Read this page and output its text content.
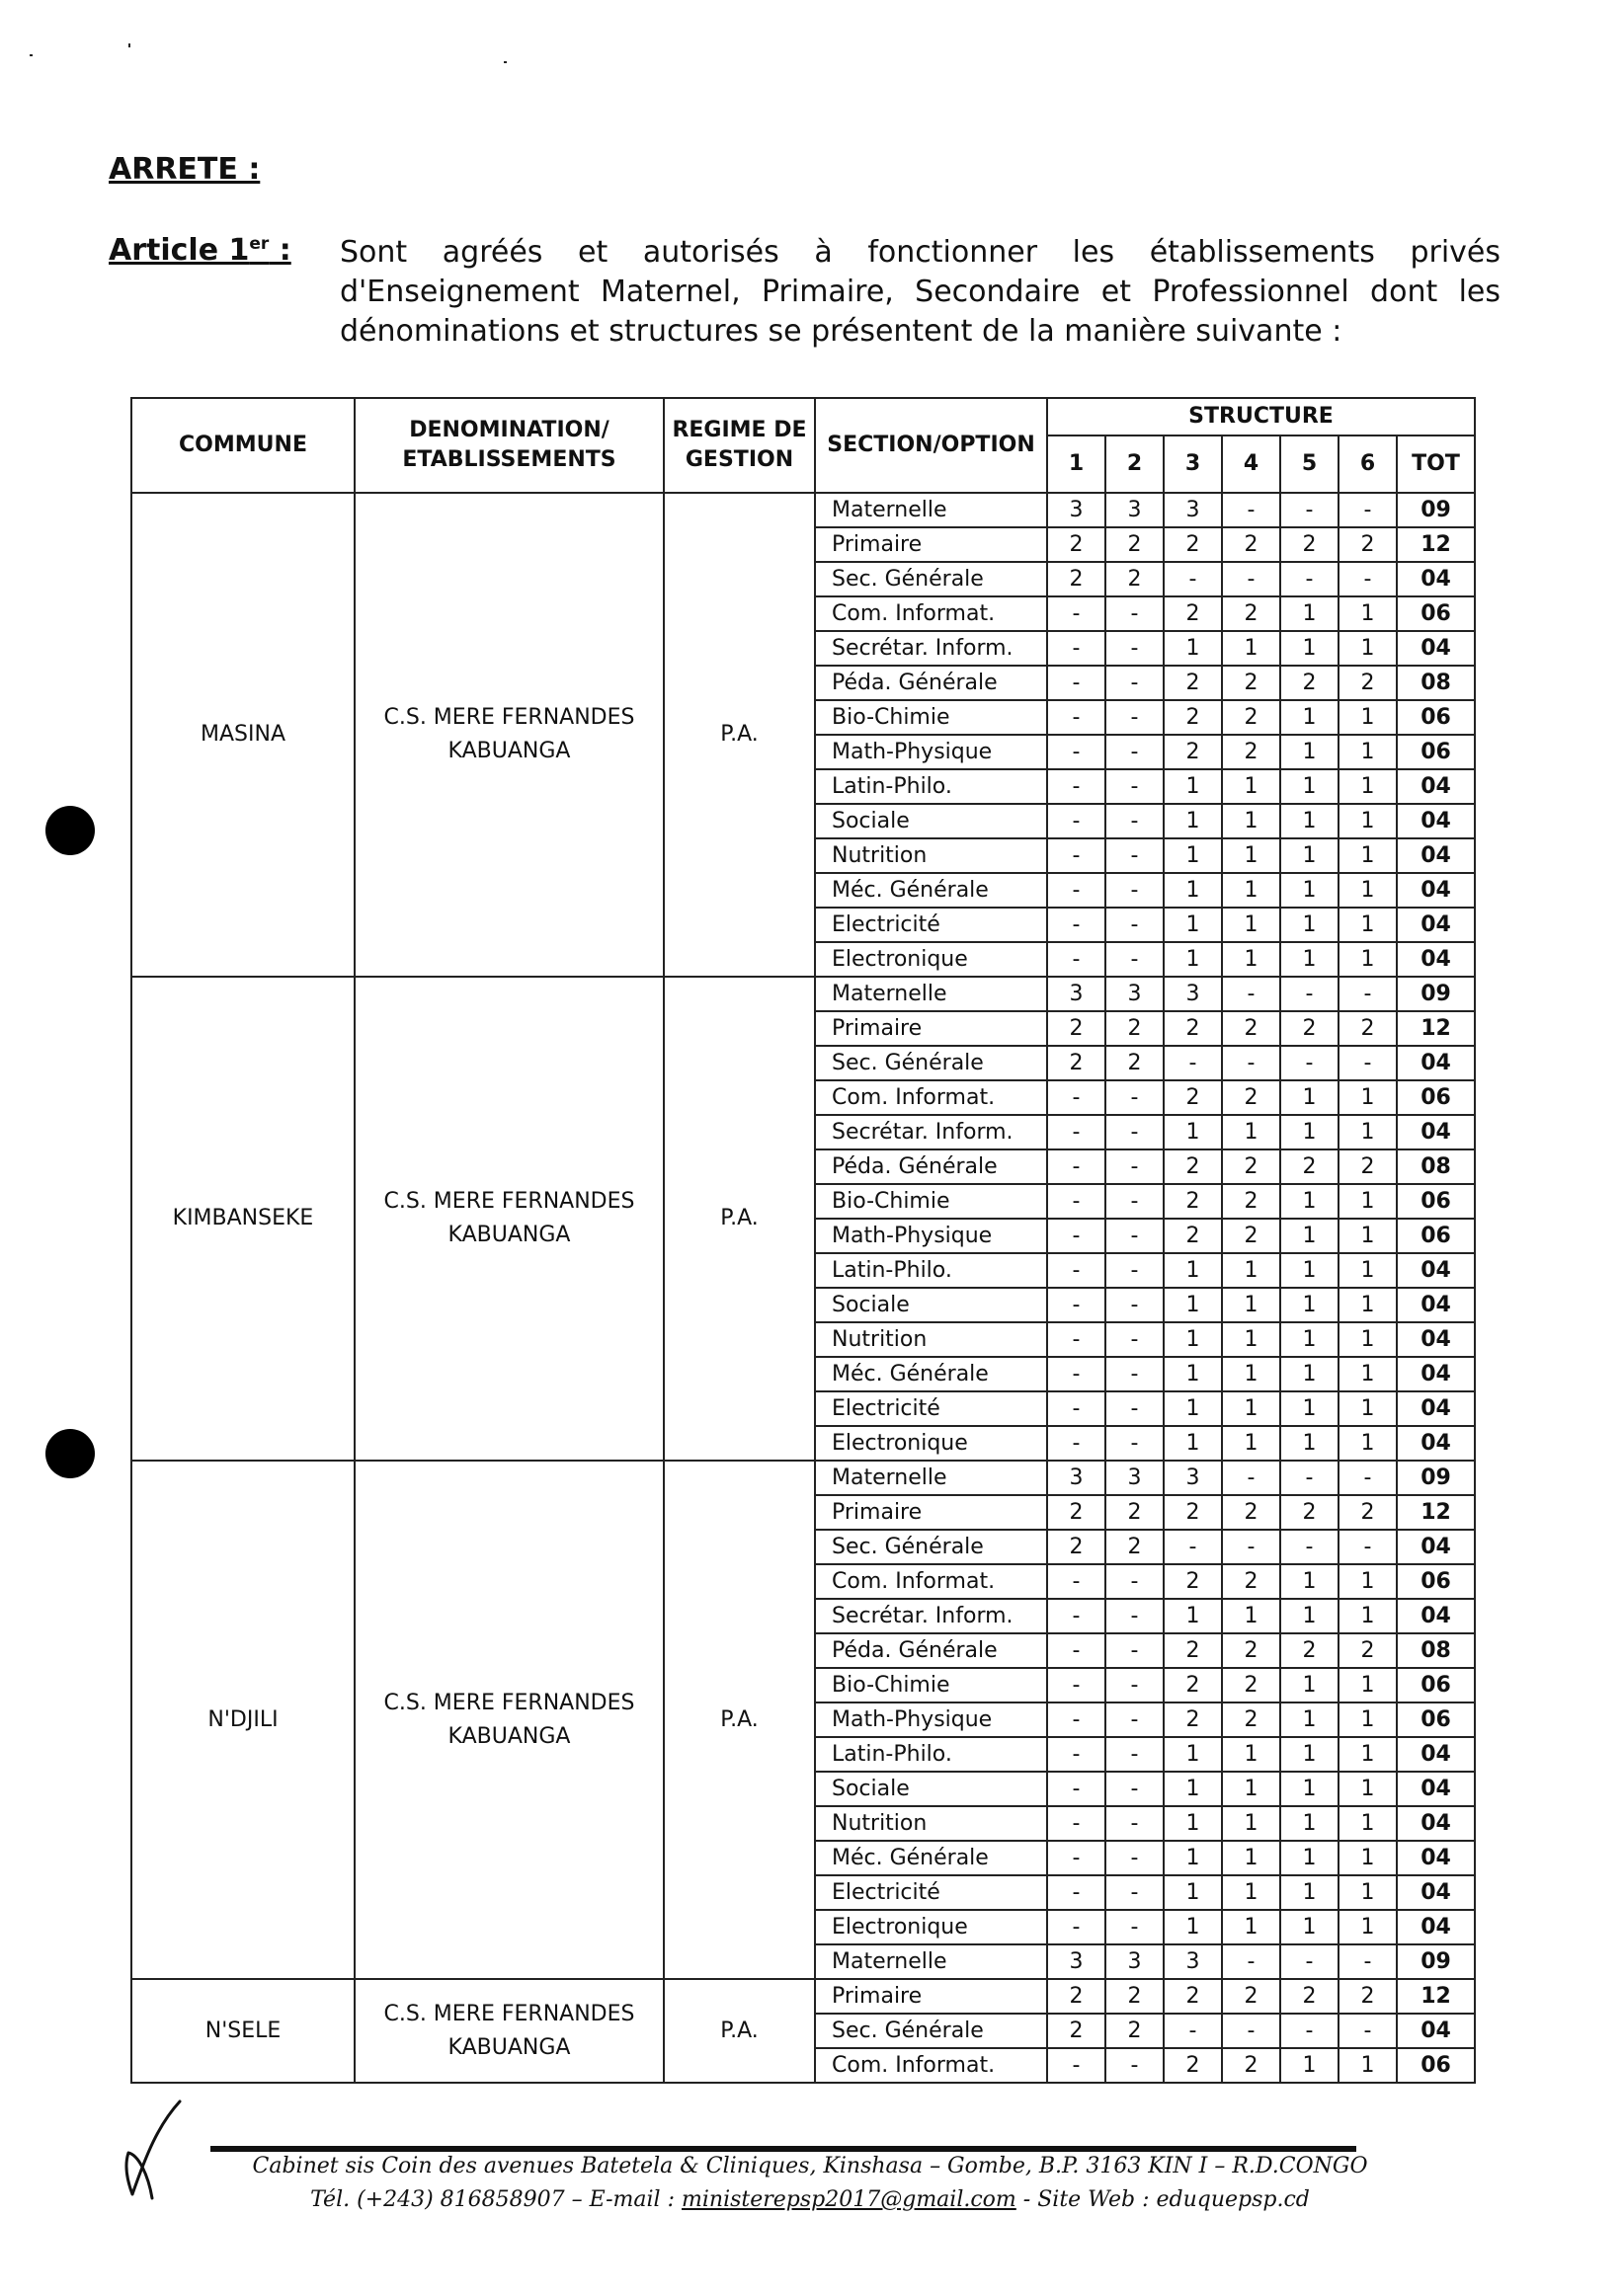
ARRETE :
Article 1er : Sont agréés et autorisés à fonctionner les établissements privés d'Enseignement Maternel, Primaire, Secondaire et Professionnel dont les dénominations et structures se présentent de la manière suivante :
COMMUNE	DENOMINATION/ ETABLISSEMENTS	REGIME DE GESTION	SECTION/OPTION	STRUCTURE						
				1	2	3	4	5	6	TOT
MASINA	C.S. MERE FERNANDES KABUANGA	P.A.	Maternelle	3	3	3	-	-	-	09
			Primaire	2	2	2	2	2	2	12
			Sec. Générale	2	2	-	-	-	-	04
			Com. Informat.	-	-	2	2	1	1	06
			Secrétar. Inform.	-	-	1	1	1	1	04
			Péda. Générale	-	-	2	2	2	2	08
			Bio-Chimie	-	-	2	2	1	1	06
			Math-Physique	-	-	2	2	1	1	06
			Latin-Philo.	-	-	1	1	1	1	04
			Sociale	-	-	1	1	1	1	04
			Nutrition	-	-	1	1	1	1	04
			Méc. Générale	-	-	1	1	1	1	04
			Electricité	-	-	1	1	1	1	04
			Electronique	-	-	1	1	1	1	04
KIMBANSEKE	C.S. MERE FERNANDES KABUANGA	P.A.	Maternelle	3	3	3	-	-	-	09
			Primaire	2	2	2	2	2	2	12
			Sec. Générale	2	2	-	-	-	-	04
			Com. Informat.	-	-	2	2	1	1	06
			Secrétar. Inform.	-	-	1	1	1	1	04
			Péda. Générale	-	-	2	2	2	2	08
			Bio-Chimie	-	-	2	2	1	1	06
			Math-Physique	-	-	2	2	1	1	06
			Latin-Philo.	-	-	1	1	1	1	04
			Sociale	-	-	1	1	1	1	04
			Nutrition	-	-	1	1	1	1	04
			Méc. Générale	-	-	1	1	1	1	04
			Electricité	-	-	1	1	1	1	04
			Electronique	-	-	1	1	1	1	04
N'DJILI	C.S. MERE FERNANDES KABUANGA	P.A.	Maternelle	3	3	3	-	-	-	09
			Primaire	2	2	2	2	2	2	12
			Sec. Générale	2	2	-	-	-	-	04
			Com. Informat.	-	-	2	2	1	1	06
			Secrétar. Inform.	-	-	1	1	1	1	04
			Péda. Générale	-	-	2	2	2	2	08
			Bio-Chimie	-	-	2	2	1	1	06
			Math-Physique	-	-	2	2	1	1	06
			Latin-Philo.	-	-	1	1	1	1	04
			Sociale	-	-	1	1	1	1	04
			Nutrition	-	-	1	1	1	1	04
			Méc. Générale	-	-	1	1	1	1	04
			Electricité	-	-	1	1	1	1	04
			Electronique	-	-	1	1	1	1	04
			Maternelle	3	3	3	-	-	-	09
N'SELE	C.S. MERE FERNANDES KABUANGA	P.A.	Primaire	2	2	2	2	2	2	12
			Sec. Générale	2	2	-	-	-	-	04
			Com. Informat.	-	-	2	2	1	1	06
Cabinet sis Coin des avenues Batetela & Cliniques, Kinshasa – Gombe, B.P. 3163 KIN I – R.D.CONGO
Tél. (+243) 816858907 – E-mail : ministerepsp2017@gmail.com - Site Web : eduquepsp.cd
